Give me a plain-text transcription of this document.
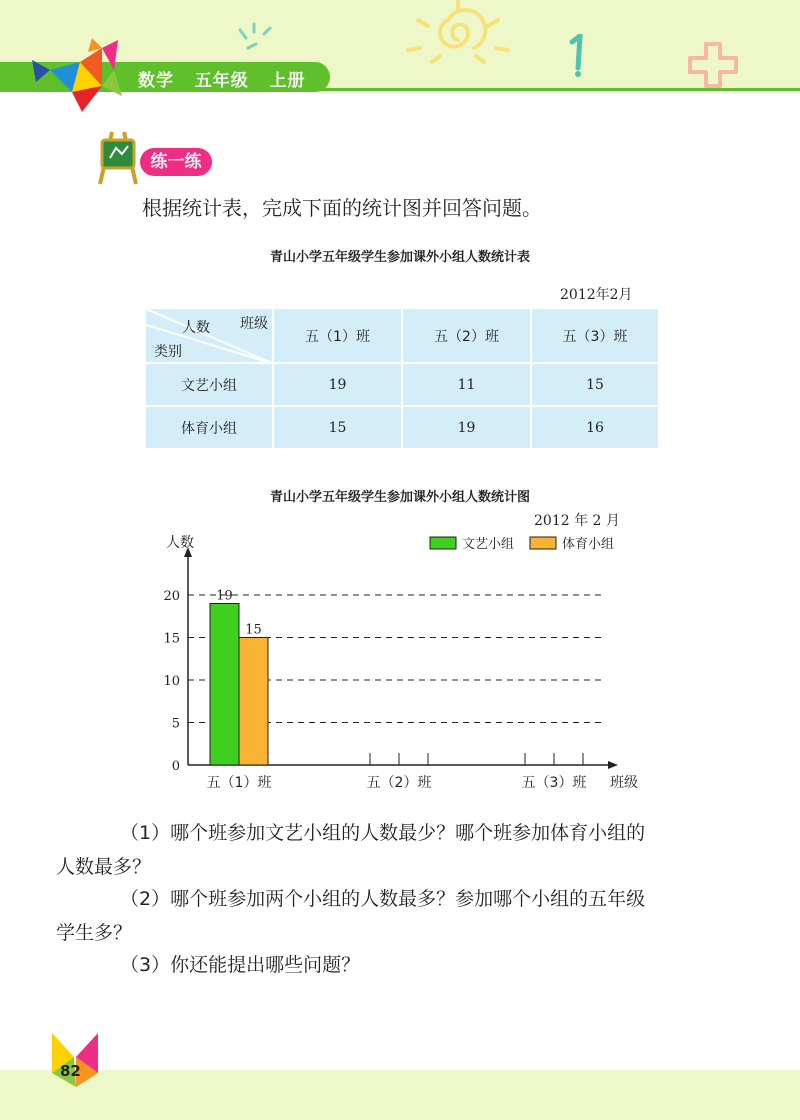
数学   五年级   上册
练一练
根据统计表，完成下面的统计图并回答问题。
青山小学五年级学生参加课外小组人数统计表
2012年2月
班级
人数
类别	五（1）班	五（2）班	五（3）班
文艺小组	19	11	15
体育小组	15	19	16
青山小学五年级学生参加课外小组人数统计图
2012 年 2 月
人数
班级
0
5
10
15
20
五（1）班
19
15
五（2）班	五（3）班
文艺小组	体育小组
（1）哪个班参加文艺小组的人数最少？哪个班参加体育小组的
人数最多？
（2）哪个班参加两个小组的人数最多？参加哪个小组的五年级
学生多？
（3）你还能提出哪些问题？
82
